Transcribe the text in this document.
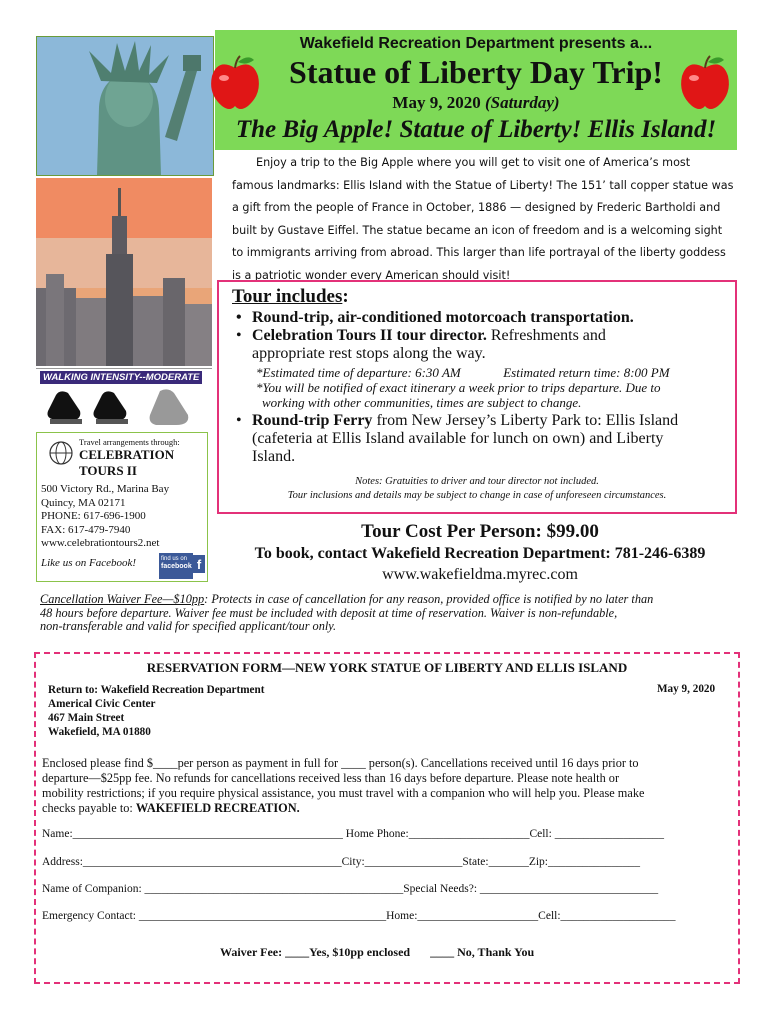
WALKING INTENSITY--MODERATE
Travel arrangements through:
CELEBRATION
TOURS II
500 Victory Rd., Marina Bay
Quincy, MA 02171
PHONE: 617-696-1900
FAX: 617-479-7940
www.celebrationtours2.net
Like us on Facebook!	find us on
facebook f
Wakefield Recreation Department presents a...
Statue of Liberty Day Trip!
May 9, 2020 (Saturday)
The Big Apple! Statue of Liberty! Ellis Island!
Enjoy a trip to the Big Apple where you will get to visit one of America’s most
famous landmarks: Ellis Island with the Statue of Liberty! The 151’ tall copper statue was
a gift from the people of France in October, 1886 — designed by Frederic Bartholdi and
built by Gustave Eiffel. The statue became an icon of freedom and is a welcoming sight
to immigrants arriving from abroad. This larger than life portrayal of the liberty goddess
is a patriotic wonder every American should visit!
Tour includes:
• Round-trip, air-conditioned motorcoach transportation.
• Celebration Tours II tour director. Refreshments and
appropriate rest stops along the way.
*Estimated time of departure: 6:30 AM	Estimated return time: 8:00 PM
*You will be notified of exact itinerary a week prior to trips departure. Due to
working with other communities, times are subject to change.
• Round-trip Ferry from New Jersey’s Liberty Park to: Ellis Island
(cafeteria at Ellis Island available for lunch on own) and Liberty
Island.
Notes: Gratuities to driver and tour director not included.
Tour inclusions and details may be subject to change in case of unforeseen circumstances.
Tour Cost Per Person: $99.00
To book, contact Wakefield Recreation Department: 781-246-6389
www.wakefieldma.myrec.com
Cancellation Waiver Fee—$10pp: Protects in case of cancellation for any reason, provided office is notified by no later than
48 hours before departure. Waiver fee must be included with deposit at time of reservation. Waiver is non-refundable,
non-transferable and valid for specified applicant/tour only.
RESERVATION FORM—NEW YORK STATUE OF LIBERTY AND ELLIS ISLAND
Return to: Wakefield Recreation Department
Americal Civic Center
467 Main Street
Wakefield, MA 01880
May 9, 2020
Enclosed please find $____per person as payment in full for ____ person(s). Cancellations received until 16 days prior to
departure—$25pp fee. No refunds for cancellations received less than 16 days before departure. Please note health or
mobility restrictions; if you require physical assistance, you must travel with a companion who will help you. Please make
checks payable to: WAKEFIELD RECREATION.
Name:_______________________________________________ Home Phone:_____________________Cell: ___________________
Address:_____________________________________________City:_________________State:_______Zip:________________
Name of Companion: _____________________________________________Special Needs?: _______________________________
Emergency Contact: ___________________________________________Home:_____________________Cell:____________________
Waiver Fee: ____Yes, $10pp enclosed ____ No, Thank You
